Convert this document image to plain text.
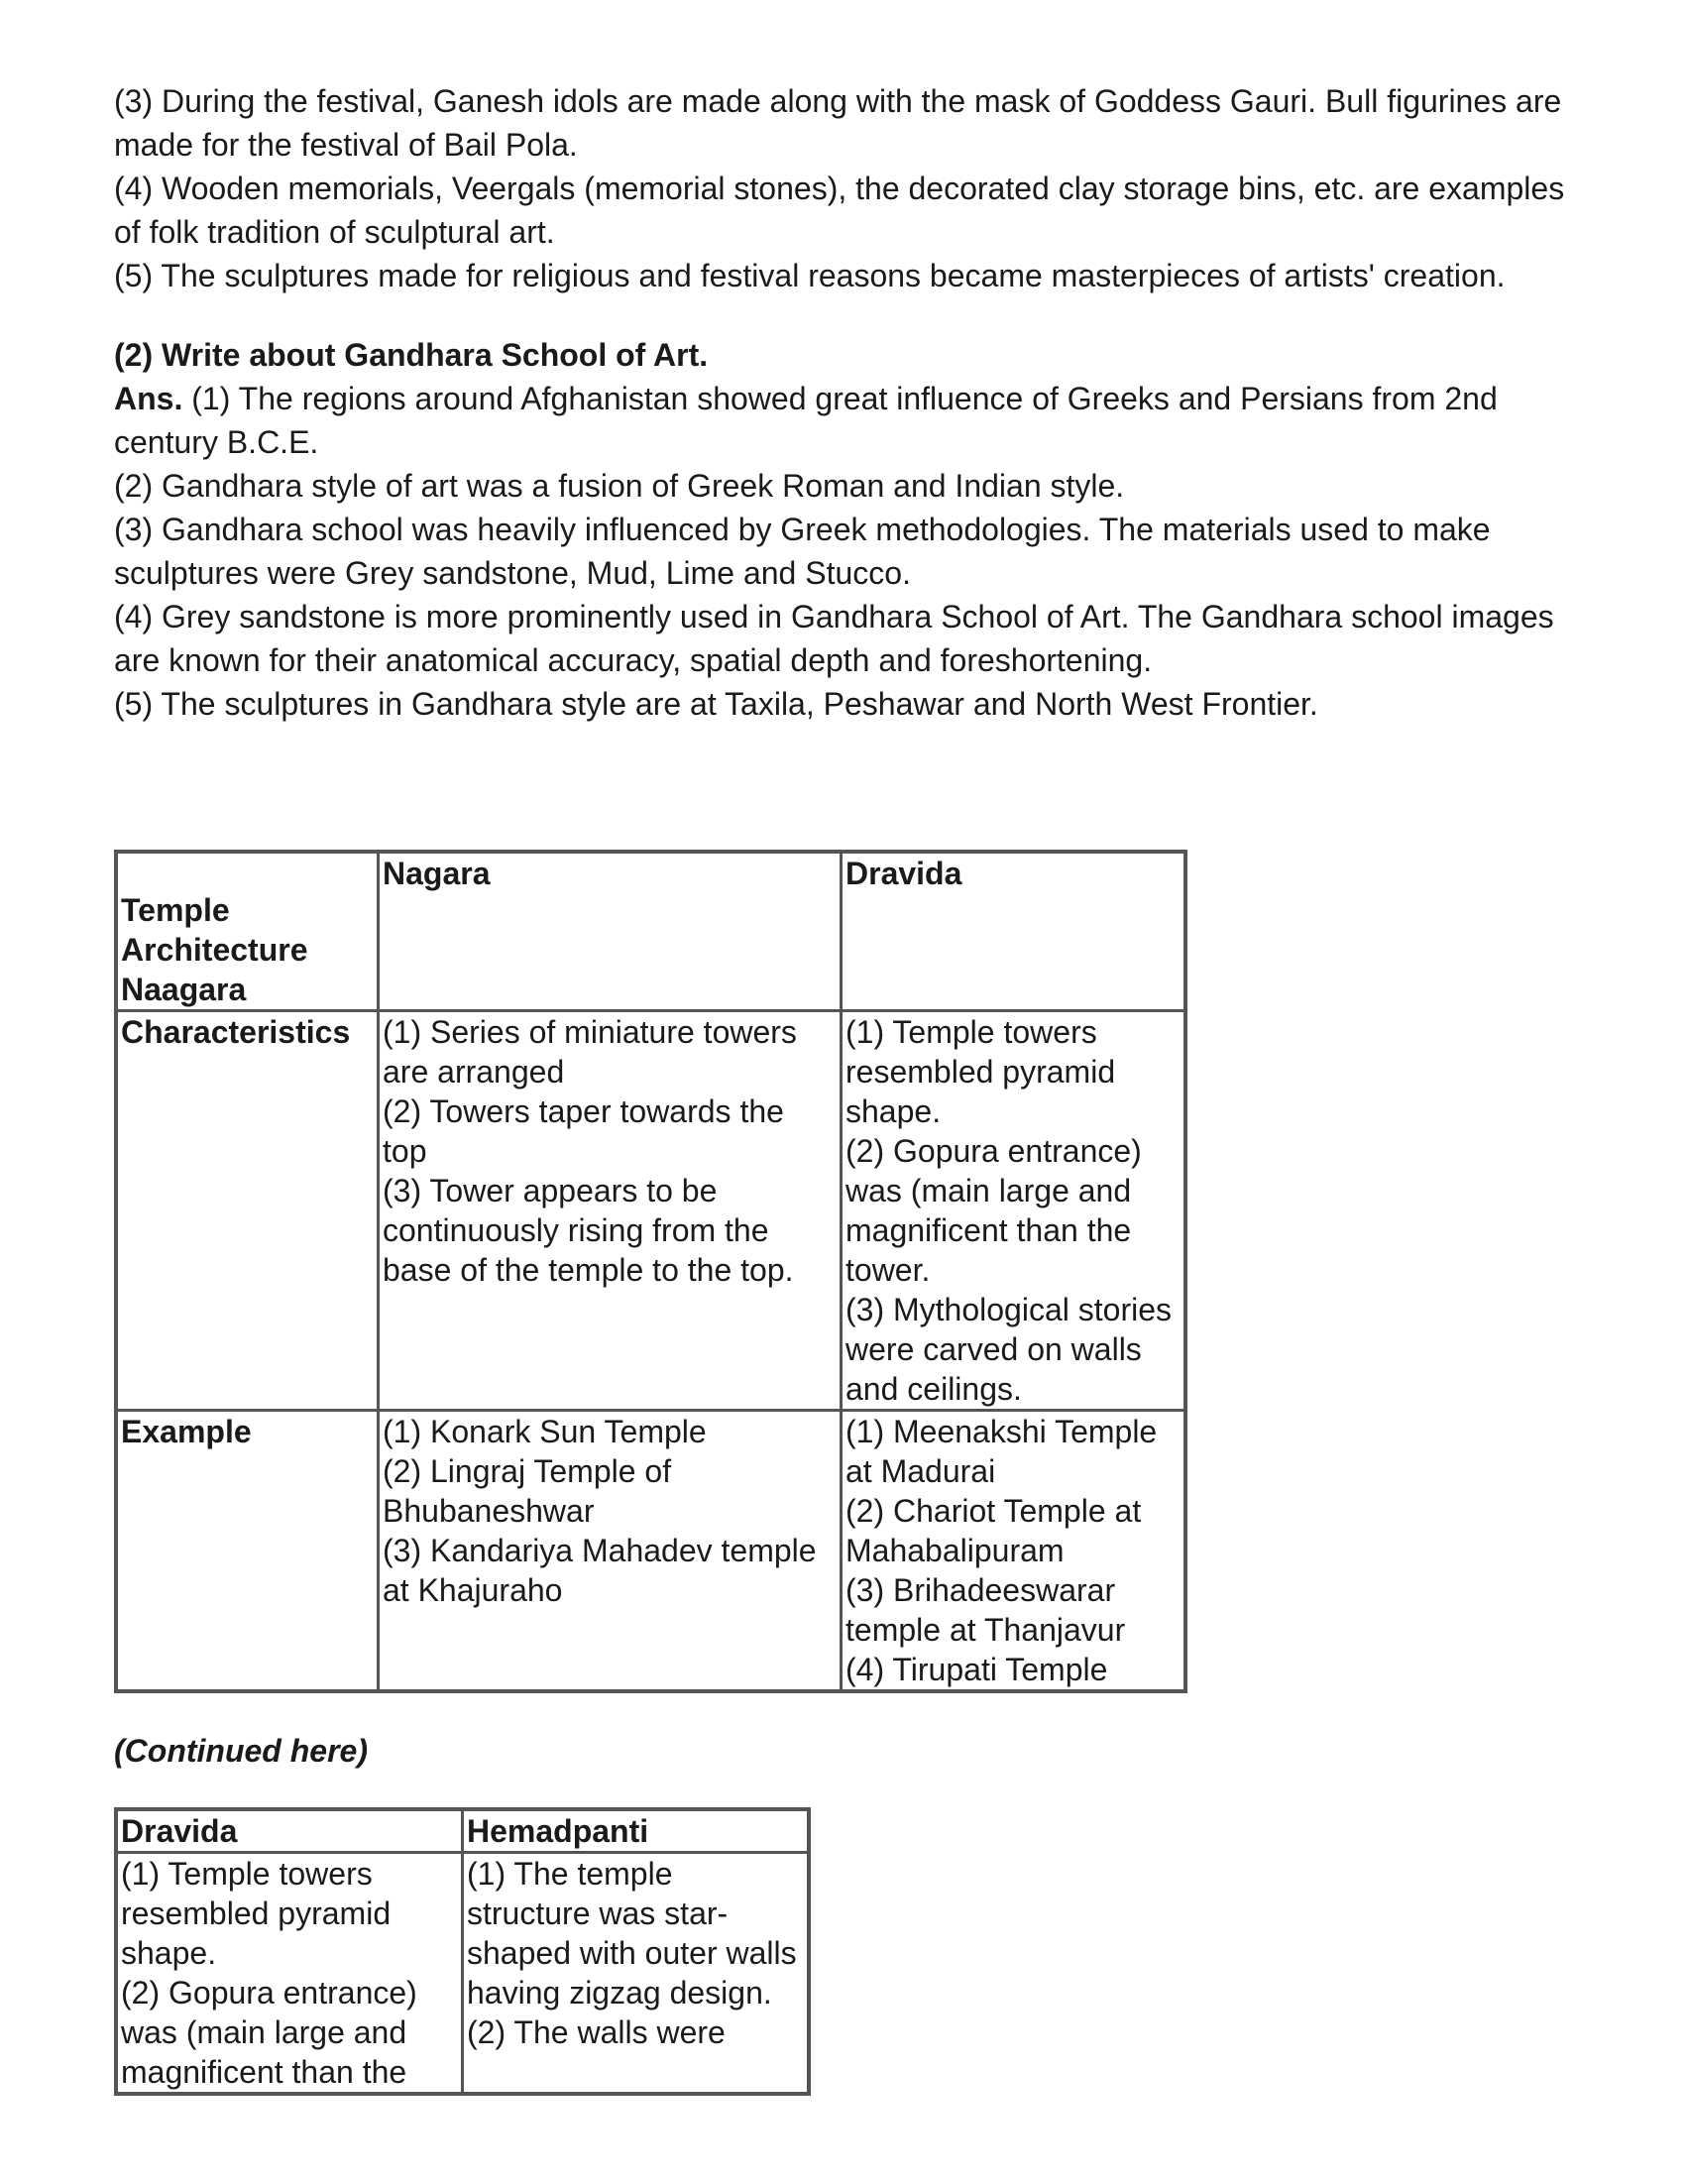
(3) During the festival, Ganesh idols are made along with the mask of Goddess Gauri. Bull figurines are made for the festival of Bail Pola.

(4) Wooden memorials, Veergals (memorial stones), the decorated clay storage bins, etc. are examples of folk tradition of sculptural art.

(5) The sculptures made for religious and festival reasons became masterpieces of artists' creation.

(2) Write about Gandhara School of Art.

Ans. (1) The regions around Afghanistan showed great influence of Greeks and Persians from 2nd century B.C.E.

(2) Gandhara style of art was a fusion of Greek Roman and Indian style.

(3) Gandhara school was heavily influenced by Greek methodologies. The materials used to make sculptures were Grey sandstone, Mud, Lime and Stucco.

(4) Grey sandstone is more prominently used in Gandhara School of Art. The Gandhara school images are known for their anatomical accuracy, spatial depth and foreshortening.

(5) The sculptures in Gandhara style are at Taxila, Peshawar and North West Frontier.

Temple
Architecture
Naagara	Nagara	Dravida
Characteristics	(1) Series of miniature towers are arranged
(2) Towers taper towards the top
(3) Tower appears to be continuously rising from the base of the temple to the top.	(1) Temple towers resembled pyramid shape.
(2) Gopura entrance) was (main large and magnificent than the tower.
(3) Mythological stories were carved on walls and ceilings.

Example	(1) Konark Sun Temple
(2) Lingraj Temple of Bhubaneshwar
(3) Kandariya Mahadev temple at Khajuraho	(1) Meenakshi Temple at Madurai
(2) Chariot Temple at Mahabalipuram
(3) Brihadeeswarar temple at Thanjavur
(4) Tirupati Temple
(Continued here)
Dravida	Hemadpanti

(1) Temple towers resembled pyramid shape.
(2) Gopura entrance) was (main large and magnificent than the	(1) The temple structure was star-shaped with outer walls having zigzag design.
(2) The walls were
